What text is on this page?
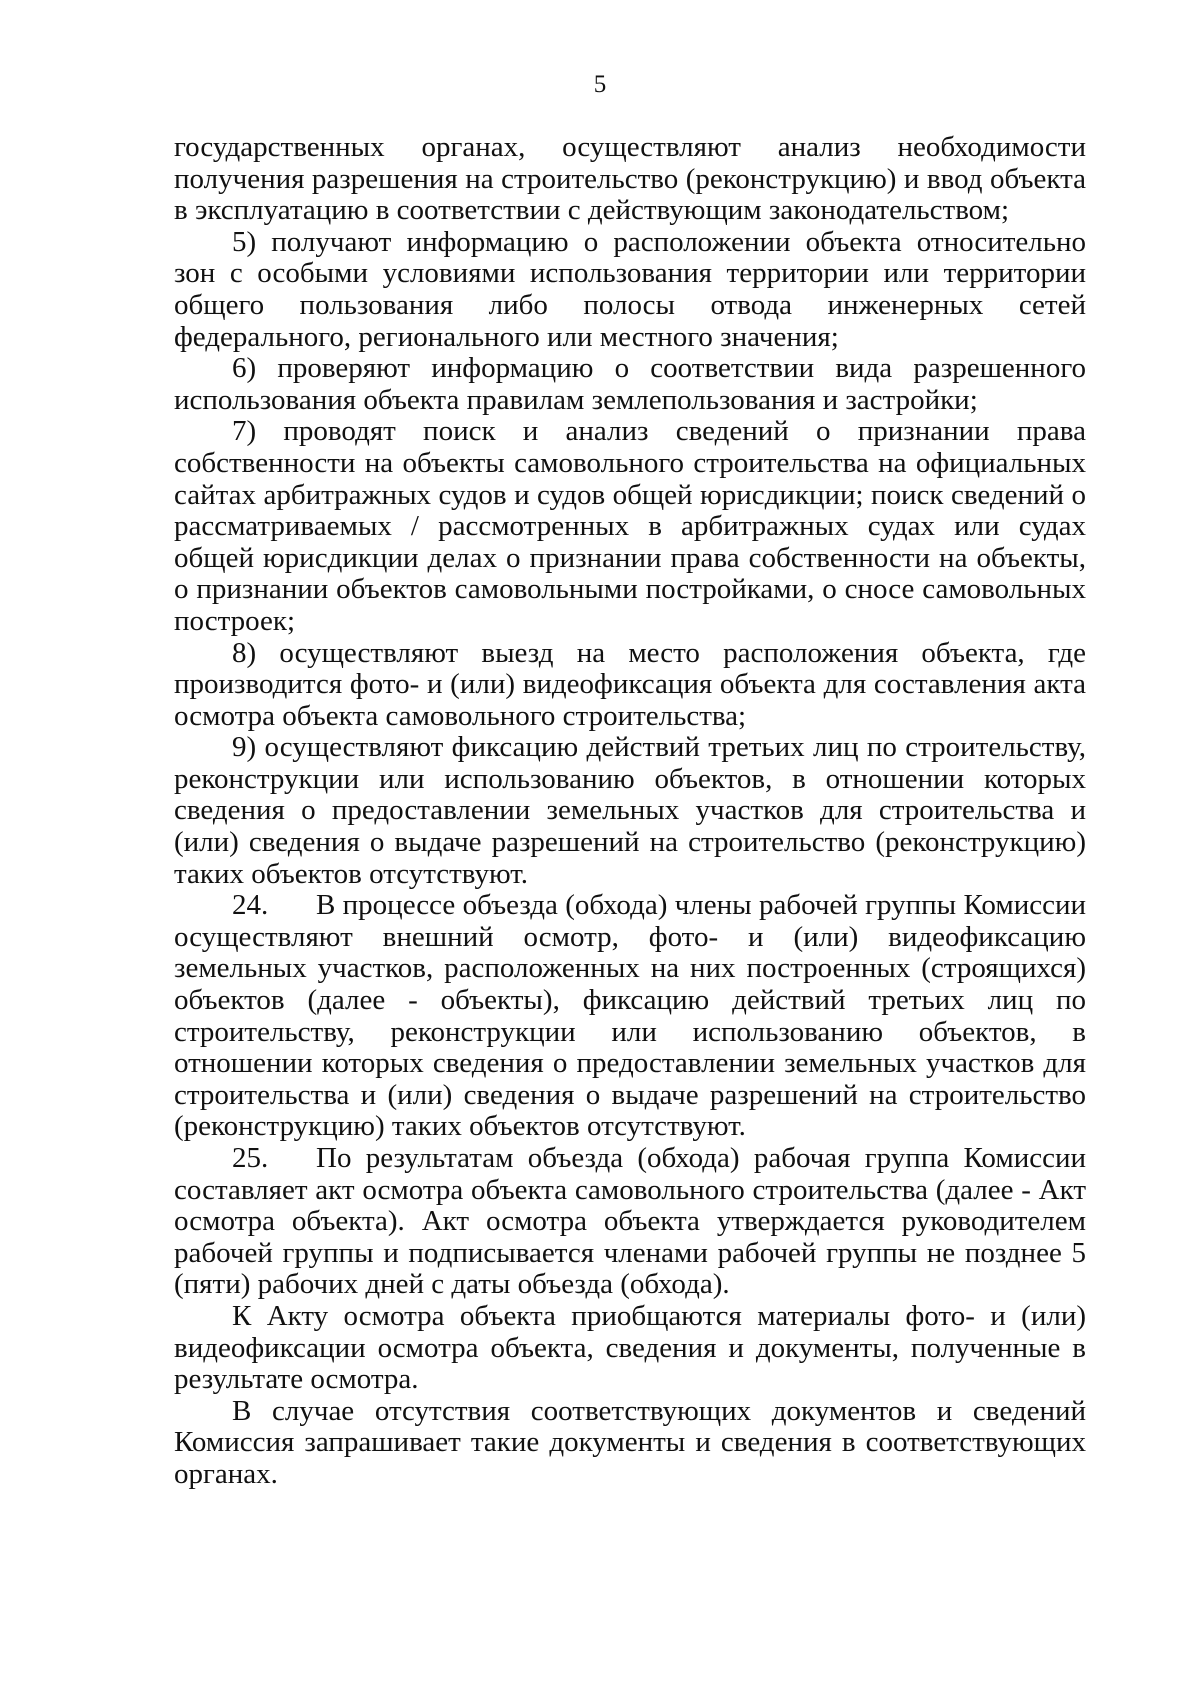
5

государственных органах, осуществляют анализ необходимости получения разрешения на строительство (реконструкцию) и ввод объекта в эксплуатацию в соответствии с действующим законодательством;

5) получают информацию о расположении объекта относительно зон с особыми условиями использования территории или территории общего пользования либо полосы отвода инженерных сетей федерального, регионального или местного значения;

6) проверяют информацию о соответствии вида разрешенного использования объекта правилам землепользования и застройки;

7) проводят поиск и анализ сведений о признании права собственности на объекты самовольного строительства на официальных сайтах арбитражных судов и судов общей юрисдикции; поиск сведений о рассматриваемых / рассмотренных в арбитражных судах или судах общей юрисдикции делах о признании права собственности на объекты, о признании объектов самовольными постройками, о сносе самовольных построек;

8) осуществляют выезд на место расположения объекта, где производится фото- и (или) видеофиксация объекта для составления акта осмотра объекта самовольного строительства;

9) осуществляют фиксацию действий третьих лиц по строительству, реконструкции или использованию объектов, в отношении которых сведения о предоставлении земельных участков для строительства и (или) сведения о выдаче разрешений на строительство (реконструкцию) таких объектов отсутствуют.

24. В процессе объезда (обхода) члены рабочей группы Комиссии осуществляют внешний осмотр, фото- и (или) видеофиксацию земельных участков, расположенных на них построенных (строящихся) объектов (далее - объекты), фиксацию действий третьих лиц по строительству, реконструкции или использованию объектов, в отношении которых сведения о предоставлении земельных участков для строительства и (или) сведения о выдаче разрешений на строительство (реконструкцию) таких объектов отсутствуют.

25. По результатам объезда (обхода) рабочая группа Комиссии составляет акт осмотра объекта самовольного строительства (далее - Акт осмотра объекта). Акт осмотра объекта утверждается руководителем рабочей группы и подписывается членами рабочей группы не позднее 5 (пяти) рабочих дней с даты объезда (обхода).

К Акту осмотра объекта приобщаются материалы фото- и (или) видеофиксации осмотра объекта, сведения и документы, полученные в результате осмотра.

В случае отсутствия соответствующих документов и сведений Комиссия запрашивает такие документы и сведения в соответствующих органах.
